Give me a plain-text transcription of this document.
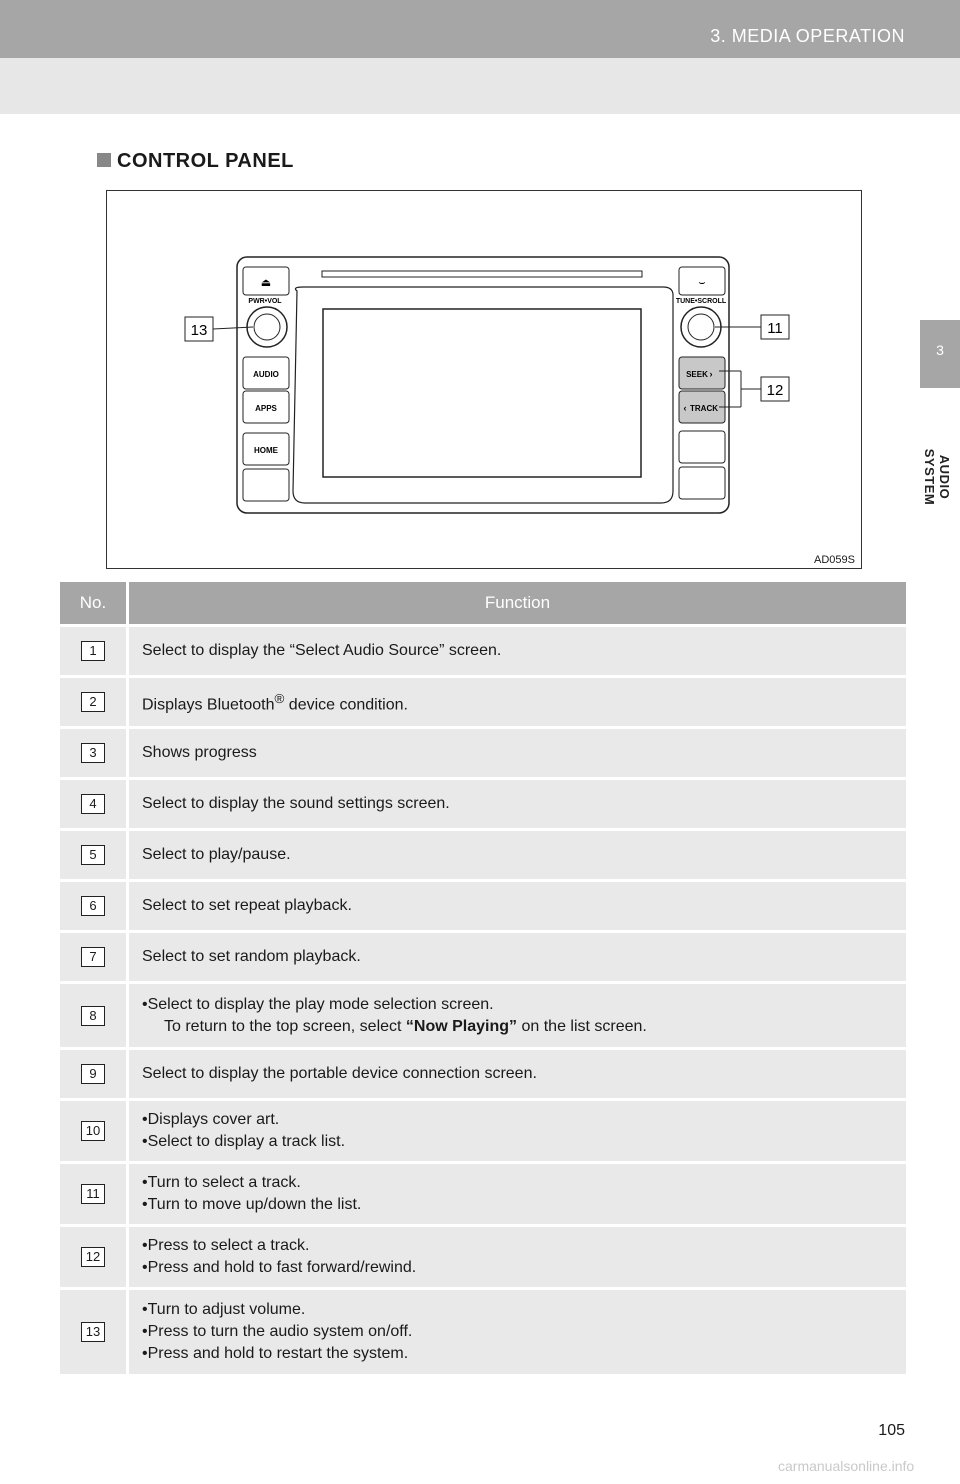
3. MEDIA OPERATION
3
AUDIO SYSTEM
CONTROL PANEL
⏏
PWR•VOL
AUDIO
APPS
HOME
⌣
TUNE•SCROLL
SEEK ›
‹ TRACK
13	11
12
AD059S
No.	Function
1	Select to display the “Select Audio Source” screen.
2	Displays Bluetooth® device condition.
3	Shows progress
4	Select to display the sound settings screen.
5	Select to play/pause.
6	Select to set repeat playback.
7	Select to set random playback.
8	• Select to display the play mode selection screen.
To return to the top screen, select “Now Playing” on the list screen.

9	Select to display the portable device connection screen.
10	• Displays cover art.
• Select to display a track list.

11	• Turn to select a track.
• Turn to move up/down the list.

12	• Press to select a track.
• Press and hold to fast forward/rewind.

13	• Turn to adjust volume.
• Press to turn the audio system on/off.
• Press and hold to restart the system.
105
carmanualsonline.info
